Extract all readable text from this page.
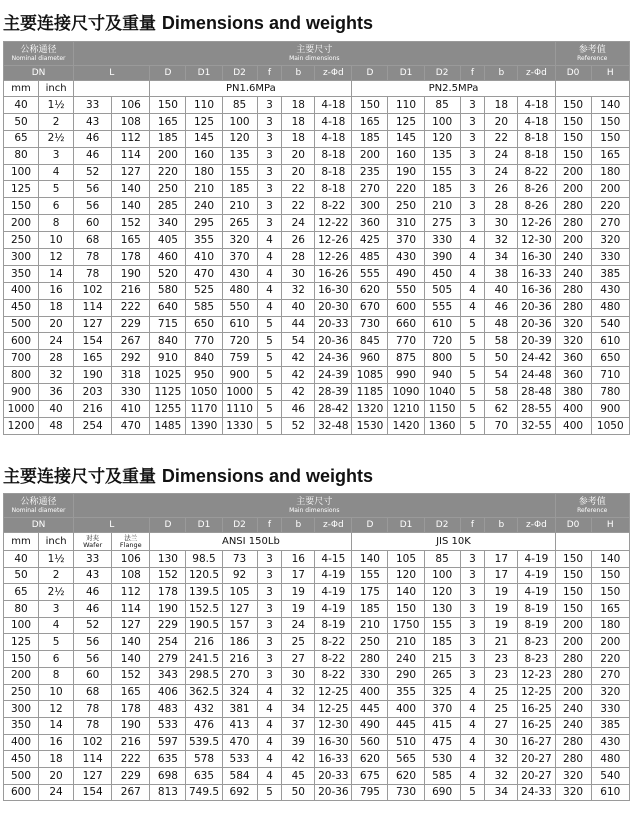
主要连接尺寸及重量 Dimensions and weights
公称通径
Nominal diameter		主要尺寸
Main dimensions														参考值
Reference	

DN		L		D	D1	D2	f	b	z-Φd	D	D1	D2	f	b	z-Φd	D0	H
mm	inch			PN1.6MPa						PN2.5MPa							
40	1½	33	106	150	110	85	3	18	4-18	150	110	85	3	18	4-18	150	140
50	2	43	108	165	125	100	3	18	4-18	165	125	100	3	20	4-18	150	150
65	2½	46	112	185	145	120	3	18	4-18	185	145	120	3	22	8-18	150	150
80	3	46	114	200	160	135	3	20	8-18	200	160	135	3	24	8-18	150	165
100	4	52	127	220	180	155	3	20	8-18	235	190	155	3	24	8-22	200	180
125	5	56	140	250	210	185	3	22	8-18	270	220	185	3	26	8-26	200	200
150	6	56	140	285	240	210	3	22	8-22	300	250	210	3	28	8-26	280	220
200	8	60	152	340	295	265	3	24	12-22	360	310	275	3	30	12-26	280	270
250	10	68	165	405	355	320	4	26	12-26	425	370	330	4	32	12-30	200	320
300	12	78	178	460	410	370	4	28	12-26	485	430	390	4	34	16-30	240	330
350	14	78	190	520	470	430	4	30	16-26	555	490	450	4	38	16-33	240	385
400	16	102	216	580	525	480	4	32	16-30	620	550	505	4	40	16-36	280	430
450	18	114	222	640	585	550	4	40	20-30	670	600	555	4	46	20-36	280	480
500	20	127	229	715	650	610	5	44	20-33	730	660	610	5	48	20-36	320	540
600	24	154	267	840	770	720	5	54	20-36	845	770	720	5	58	20-39	320	610
700	28	165	292	910	840	759	5	42	24-36	960	875	800	5	50	24-42	360	650
800	32	190	318	1025	950	900	5	42	24-39	1085	990	940	5	54	24-48	360	710
900	36	203	330	1125	1050	1000	5	42	28-39	1185	1090	1040	5	58	28-48	380	780
1000	40	216	410	1255	1170	1110	5	46	28-42	1320	1210	1150	5	62	28-55	400	900
1200	48	254	470	1485	1390	1330	5	52	32-48	1530	1420	1360	5	70	32-55	400	1050
主要连接尺寸及重量 Dimensions and weights
公称通径
Nominal diameter		主要尺寸
Main dimensions														参考值
Reference	

DN		L		D	D1	D2	f	b	z-Φd	D	D1	D2	f	b	z-Φd	D0	H
mm	inch	对夹
Wafer	法兰
Flange	ANSI 150Lb						JIS 10K							
40	1½	33	106	130	98.5	73	3	16	4-15	140	105	85	3	17	4-19	150	140
50	2	43	108	152	120.5	92	3	17	4-19	155	120	100	3	17	4-19	150	150
65	2½	46	112	178	139.5	105	3	19	4-19	175	140	120	3	19	4-19	150	150
80	3	46	114	190	152.5	127	3	19	4-19	185	150	130	3	19	8-19	150	165
100	4	52	127	229	190.5	157	3	24	8-19	210	1750	155	3	19	8-19	200	180
125	5	56	140	254	216	186	3	25	8-22	250	210	185	3	21	8-23	200	200
150	6	56	140	279	241.5	216	3	27	8-22	280	240	215	3	23	8-23	280	220
200	8	60	152	343	298.5	270	3	30	8-22	330	290	265	3	23	12-23	280	270
250	10	68	165	406	362.5	324	4	32	12-25	400	355	325	4	25	12-25	200	320
300	12	78	178	483	432	381	4	34	12-25	445	400	370	4	25	16-25	240	330
350	14	78	190	533	476	413	4	37	12-30	490	445	415	4	27	16-25	240	385
400	16	102	216	597	539.5	470	4	39	16-30	560	510	475	4	30	16-27	280	430
450	18	114	222	635	578	533	4	42	16-33	620	565	530	4	32	20-27	280	480
500	20	127	229	698	635	584	4	45	20-33	675	620	585	4	32	20-27	320	540
600	24	154	267	813	749.5	692	5	50	20-36	795	730	690	5	34	24-33	320	610
